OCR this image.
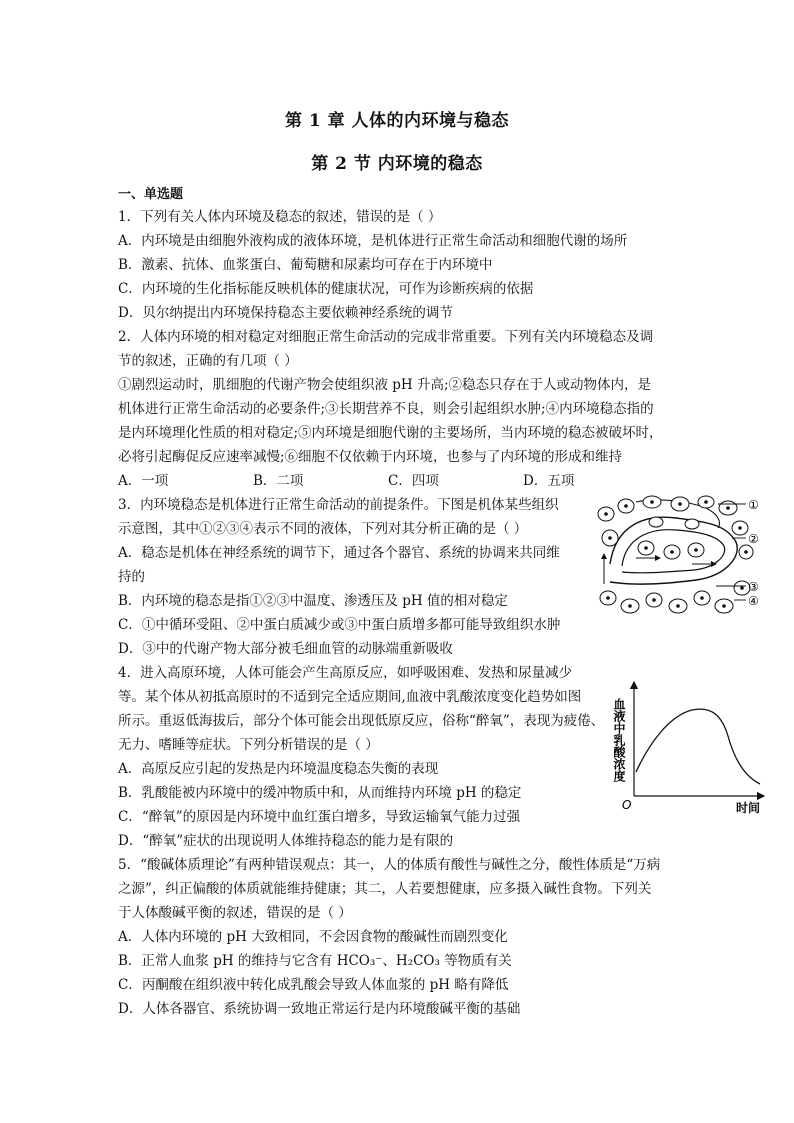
第 1 章 人体的内环境与稳态
第 2 节 内环境的稳态
一、单选题
1．下列有关人体内环境及稳态的叙述，错误的是（ ）
A．内环境是由细胞外液构成的液体环境，是机体进行正常生命活动和细胞代谢的场所
B．激素、抗体、血浆蛋白、葡萄糖和尿素均可存在于内环境中
C．内环境的生化指标能反映机体的健康状况，可作为诊断疾病的依据
D．贝尔纳提出内环境保持稳态主要依赖神经系统的调节
2．人体内环境的相对稳定对细胞正常生命活动的完成非常重要。下列有关内环境稳态及调
节的叙述，正确的有几项（ ）
①剧烈运动时，肌细胞的代谢产物会使组织液 pH 升高;②稳态只存在于人或动物体内，是
机体进行正常生命活动的必要条件;③长期营养不良，则会引起组织水肿;④内环境稳态指的
是内环境理化性质的相对稳定;⑤内环境是细胞代谢的主要场所，当内环境的稳态被破坏时，
必将引起酶促反应速率减慢;⑥细胞不仅依赖于内环境，也参与了内环境的形成和维持
A．一项	B．二项	C．四项	D．五项
3．内环境稳态是机体进行正常生命活动的前提条件。下图是机体某些组织
示意图，其中①②③④表示不同的液体，下列对其分析正确的是（ ）
A．稳态是机体在神经系统的调节下，通过各个器官、系统的协调来共同维
持的
B．内环境的稳态是指①②③中温度、渗透压及 pH 值的相对稳定
C．①中循环受阻、②中蛋白质减少或③中蛋白质增多都可能导致组织水肿
D．③中的代谢产物大部分被毛细血管的动脉端重新吸收
①
②
③
④
4．进入高原环境，人体可能会产生高原反应，如呼吸困难、发热和尿量减少
等。某个体从初抵高原时的不适到完全适应期间,血液中乳酸浓度变化趋势如图
所示。重返低海拔后，部分个体可能会出现低原反应，俗称“醉氧”，表现为疲倦、
无力、嗜睡等症状。下列分析错误的是（ ）
A．高原反应引起的发热是内环境温度稳态失衡的表现
B．乳酸能被内环境中的缓冲物质中和，从而维持内环境 pH 的稳定
C．“醉氧”的原因是内环境中血红蛋白增多，导致运输氧气能力过强
D．“醉氧”症状的出现说明人体维持稳态的能力是有限的
血液中乳酸浓度
O	时间
5．“酸碱体质理论”有两种错误观点：其一，人的体质有酸性与碱性之分，酸性体质是“万病
之源”，纠正偏酸的体质就能维持健康；其二，人若要想健康，应多摄入碱性食物。下列关
于人体酸碱平衡的叙述，错误的是（ ）
A．人体内环境的 pH 大致相同，不会因食物的酸碱性而剧烈变化
B．正常人血浆 pH 的维持与它含有 HCO₃⁻、H₂CO₃ 等物质有关
C．丙酮酸在组织液中转化成乳酸会导致人体血浆的 pH 略有降低
D．人体各器官、系统协调一致地正常运行是内环境酸碱平衡的基础
